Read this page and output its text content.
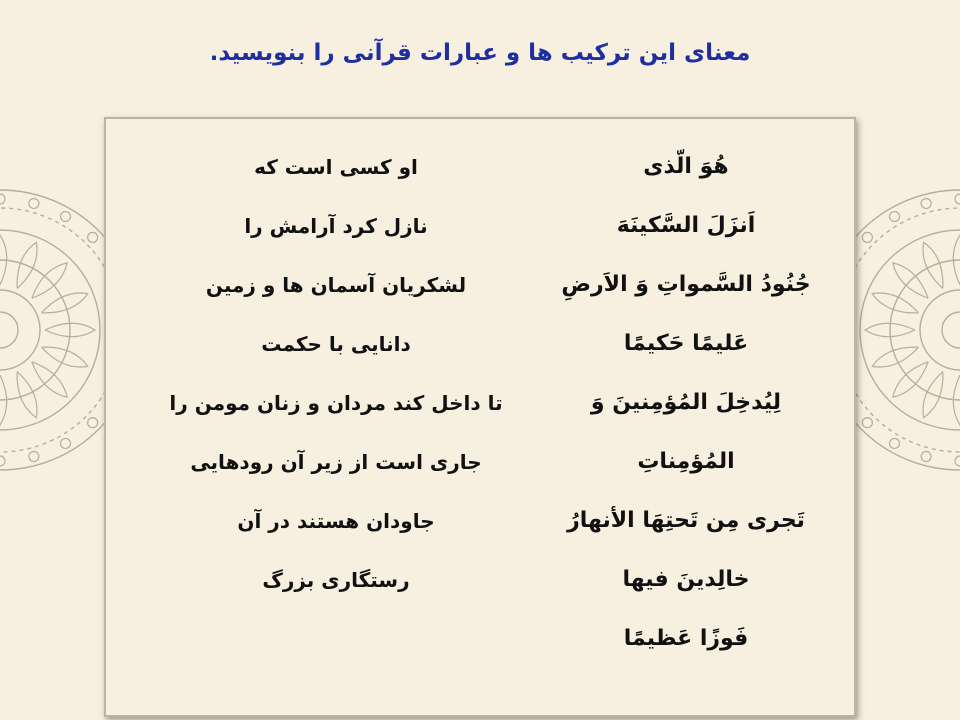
معنای این ترکیب ها و عبارات قرآنی را بنویسید.
هُوَ الّذی
اَنزَلَ السَّکینَهَ
جُنُودُ السَّمواتِ وَ الاَرضِ
عَلیمًا حَکیمًا
لِیُدخِلَ المُؤمِنینَ وَ
المُؤمِناتِ
تَجری مِن تَحتِهَا الأنهارُ
خالِدینَ فیها
فَوزًا عَظیمًا
او کسی است که
نازل کرد آرامش را
لشکریان آسمان ها و زمین
دانایی با حکمت
تا داخل کند مردان و زنان مومن را
جاری است از زیر آن رودهایی
جاودان هستند در آن
رستگاری بزرگ
